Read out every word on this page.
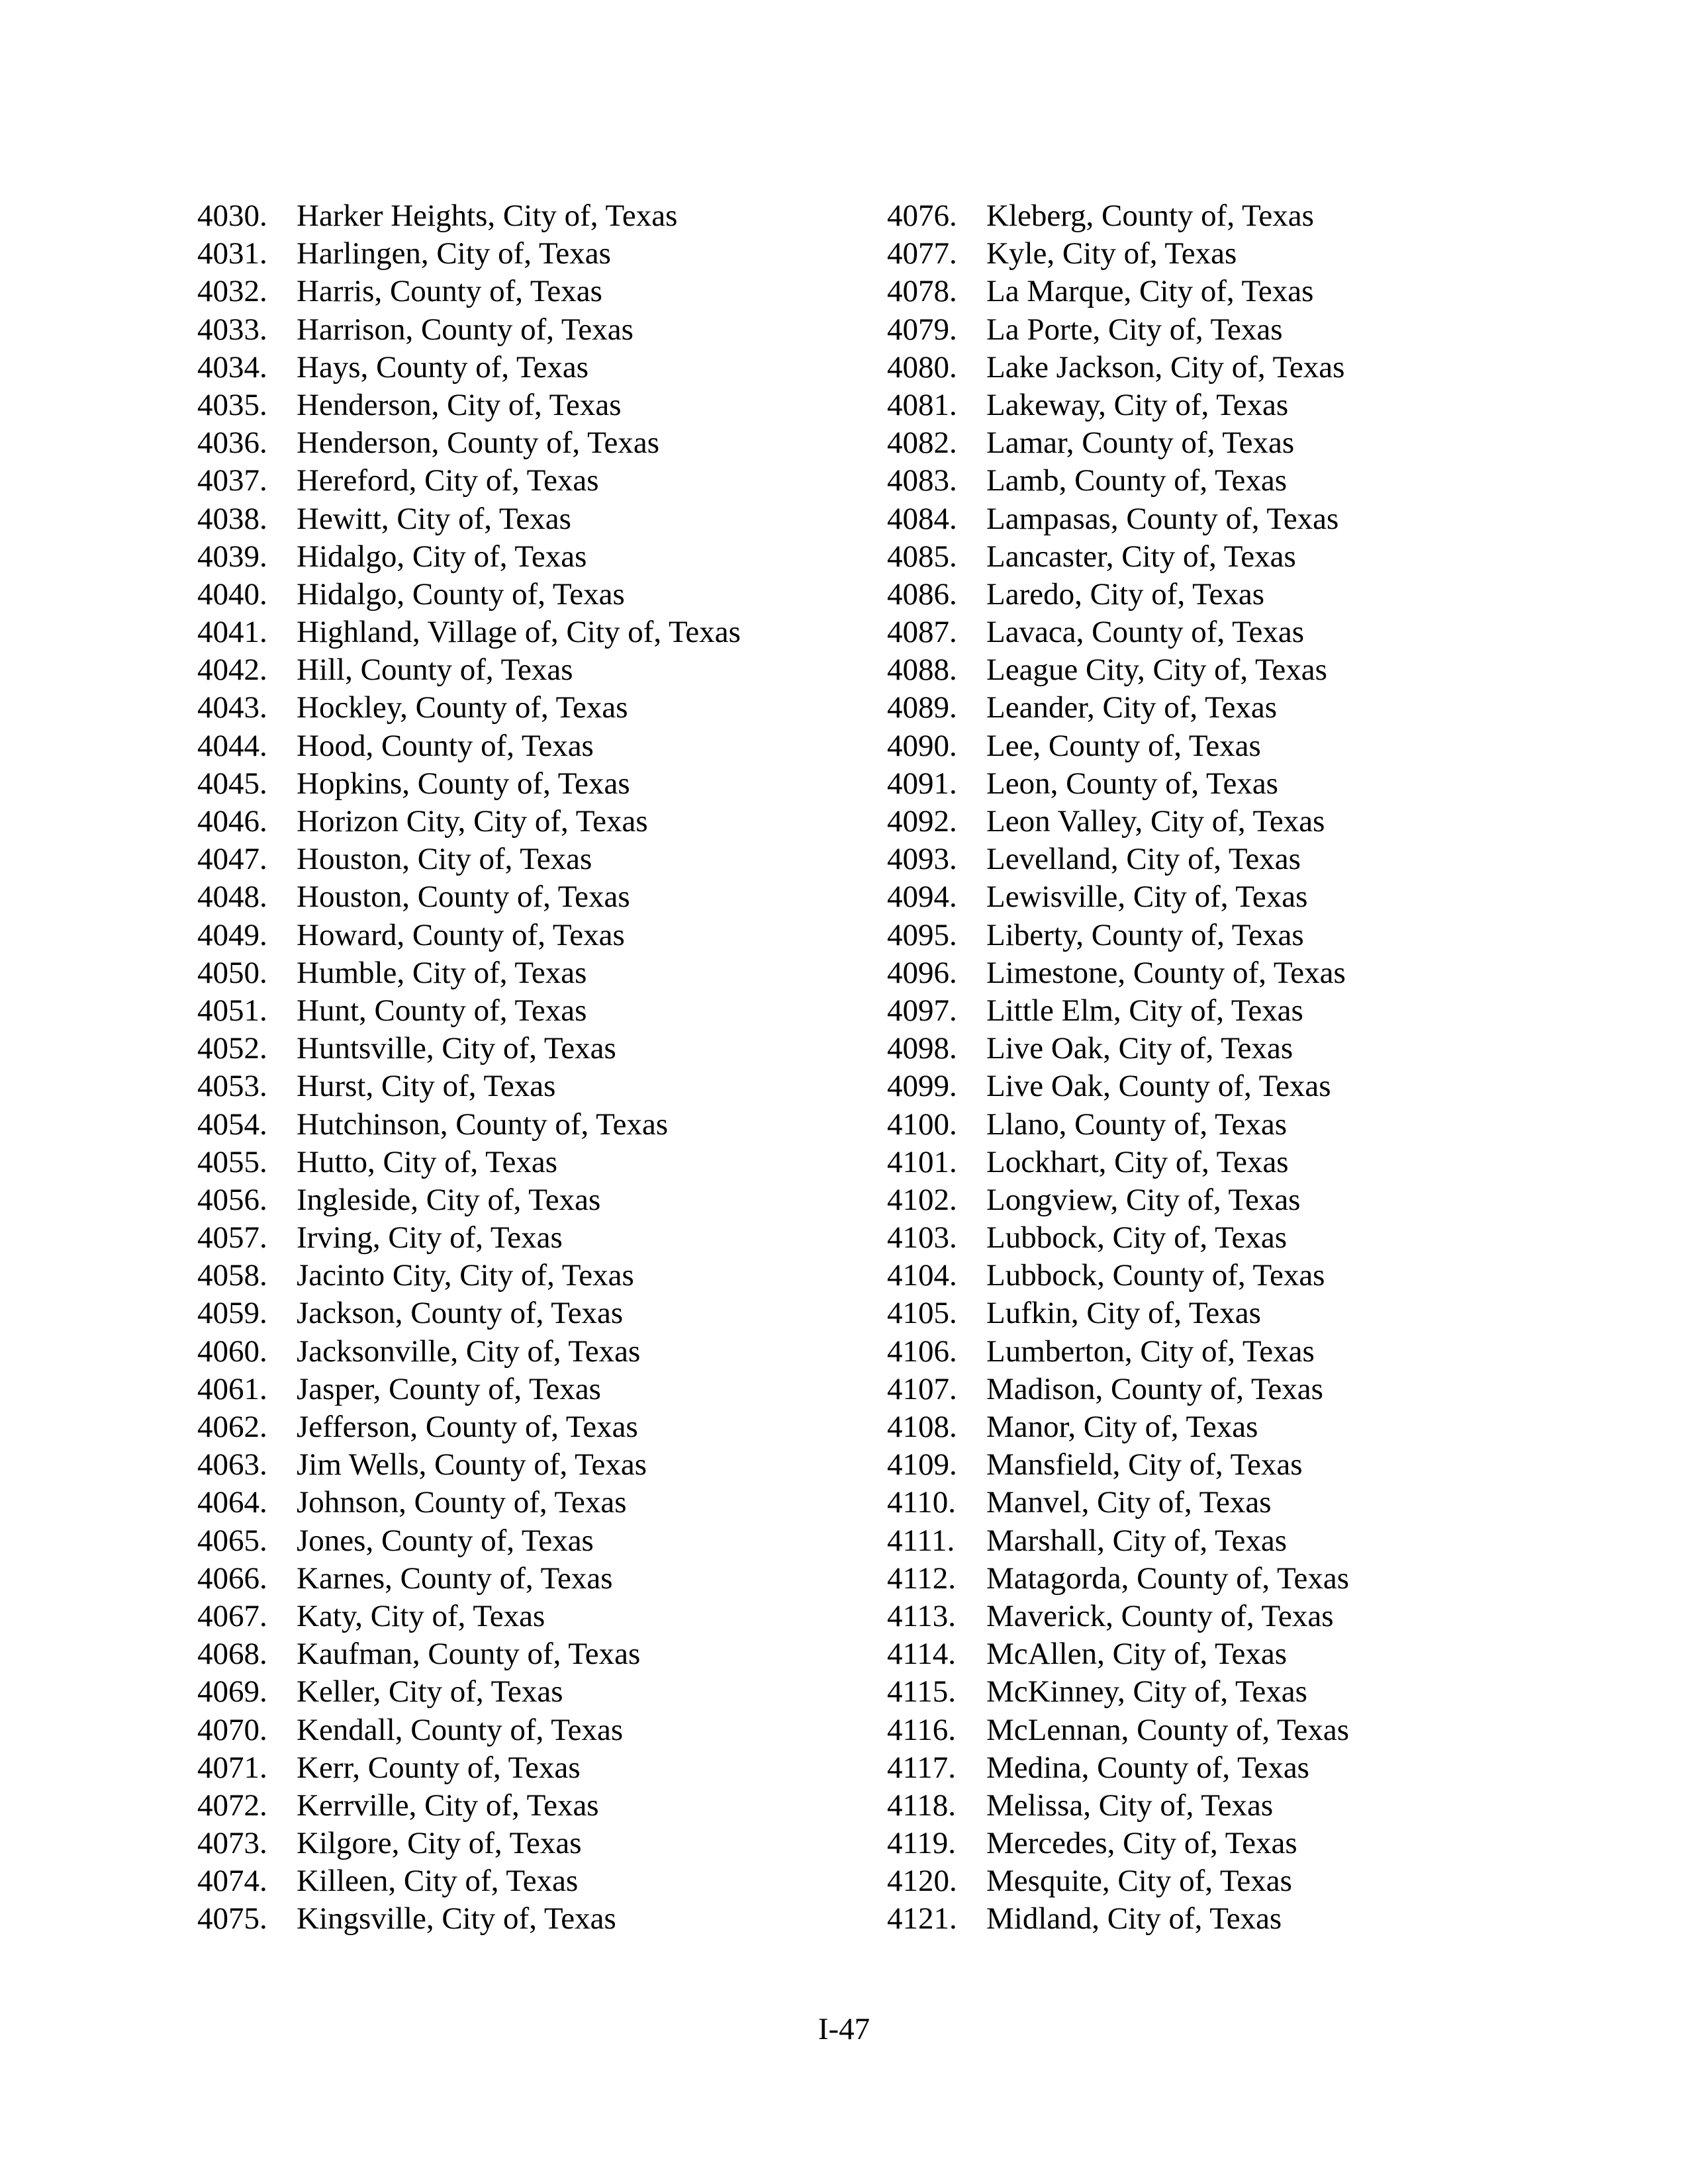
4030. Harker Heights, City of, Texas
4031. Harlingen, City of, Texas
4032. Harris, County of, Texas
4033. Harrison, County of, Texas
4034. Hays, County of, Texas
4035. Henderson, City of, Texas
4036. Henderson, County of, Texas
4037. Hereford, City of, Texas
4038. Hewitt, City of, Texas
4039. Hidalgo, City of, Texas
4040. Hidalgo, County of, Texas
4041. Highland, Village of, City of, Texas
4042. Hill, County of, Texas
4043. Hockley, County of, Texas
4044. Hood, County of, Texas
4045. Hopkins, County of, Texas
4046. Horizon City, City of, Texas
4047. Houston, City of, Texas
4048. Houston, County of, Texas
4049. Howard, County of, Texas
4050. Humble, City of, Texas
4051. Hunt, County of, Texas
4052. Huntsville, City of, Texas
4053. Hurst, City of, Texas
4054. Hutchinson, County of, Texas
4055. Hutto, City of, Texas
4056. Ingleside, City of, Texas
4057. Irving, City of, Texas
4058. Jacinto City, City of, Texas
4059. Jackson, County of, Texas
4060. Jacksonville, City of, Texas
4061. Jasper, County of, Texas
4062. Jefferson, County of, Texas
4063. Jim Wells, County of, Texas
4064. Johnson, County of, Texas
4065. Jones, County of, Texas
4066. Karnes, County of, Texas
4067. Katy, City of, Texas
4068. Kaufman, County of, Texas
4069. Keller, City of, Texas
4070. Kendall, County of, Texas
4071. Kerr, County of, Texas
4072. Kerrville, City of, Texas
4073. Kilgore, City of, Texas
4074. Killeen, City of, Texas
4075. Kingsville, City of, Texas
4076. Kleberg, County of, Texas
4077. Kyle, City of, Texas
4078. La Marque, City of, Texas
4079. La Porte, City of, Texas
4080. Lake Jackson, City of, Texas
4081. Lakeway, City of, Texas
4082. Lamar, County of, Texas
4083. Lamb, County of, Texas
4084. Lampasas, County of, Texas
4085. Lancaster, City of, Texas
4086. Laredo, City of, Texas
4087. Lavaca, County of, Texas
4088. League City, City of, Texas
4089. Leander, City of, Texas
4090. Lee, County of, Texas
4091. Leon, County of, Texas
4092. Leon Valley, City of, Texas
4093. Levelland, City of, Texas
4094. Lewisville, City of, Texas
4095. Liberty, County of, Texas
4096. Limestone, County of, Texas
4097. Little Elm, City of, Texas
4098. Live Oak, City of, Texas
4099. Live Oak, County of, Texas
4100. Llano, County of, Texas
4101. Lockhart, City of, Texas
4102. Longview, City of, Texas
4103. Lubbock, City of, Texas
4104. Lubbock, County of, Texas
4105. Lufkin, City of, Texas
4106. Lumberton, City of, Texas
4107. Madison, County of, Texas
4108. Manor, City of, Texas
4109. Mansfield, City of, Texas
4110. Manvel, City of, Texas
4111.	Marshall, City of, Texas
4112. Matagorda, County of, Texas
4113. Maverick, County of, Texas
4114. McAllen, City of, Texas
4115. McKinney, City of, Texas
4116. McLennan, County of, Texas
4117. Medina, County of, Texas
4118. Melissa, City of, Texas
4119. Mercedes, City of, Texas
4120. Mesquite, City of, Texas
4121. Midland, City of, Texas
I-47
